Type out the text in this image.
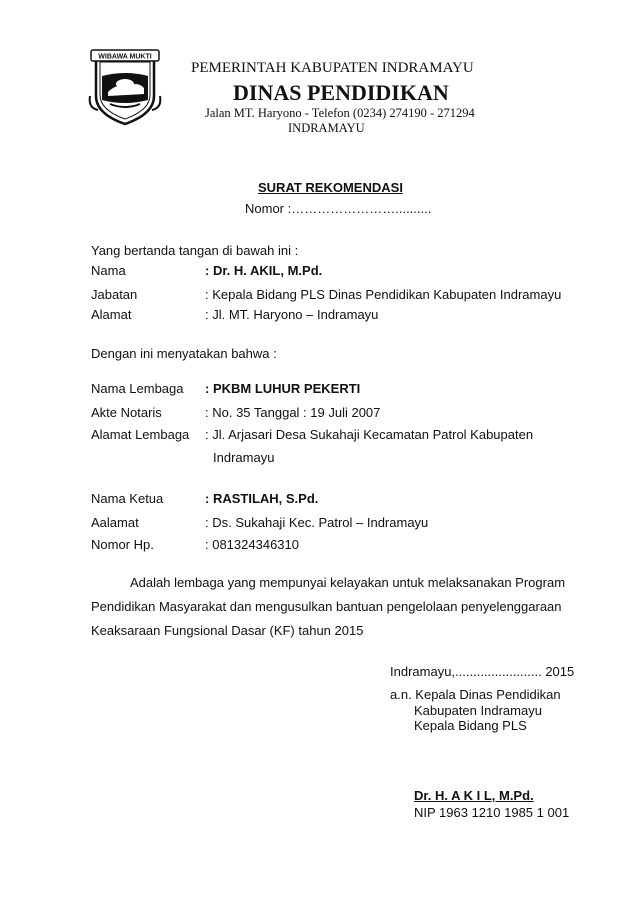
WIBAWA MUKTI
PEMERINTAH KABUPATEN INDRAMAYU
DINAS PENDIDIKAN
Jalan MT. Haryono - Telefon (0234) 274190 - 271294
INDRAMAYU
SURAT REKOMENDASI
Nomor :……………………..........
Yang bertanda tangan di bawah ini :
Nama	: Dr. H. AKIL, M.Pd.
Jabatan	: Kepala Bidang PLS Dinas Pendidikan Kabupaten Indramayu
Alamat	: Jl. MT. Haryono – Indramayu
Dengan ini menyatakan bahwa :
Nama Lembaga : PKBM LUHUR PEKERTI
Akte Notaris	: No. 35 Tanggal : 19 Juli 2007
Alamat Lembaga : Jl. Arjasari Desa Sukahaji Kecamatan Patrol Kabupaten
Indramayu
Nama Ketua	: RASTILAH, S.Pd.
Aalamat	: Ds. Sukahaji Kec. Patrol – Indramayu
Nomor Hp.	: 081324346310
Adalah lembaga yang mempunyai kelayakan untuk melaksanakan Program
Pendidikan Masyarakat dan mengusulkan bantuan pengelolaan penyelenggaraan
Keaksaraan Fungsional Dasar (KF) tahun 2015
Indramayu,........................ 2015
a.n. Kepala Dinas Pendidikan
Kabupaten Indramayu
Kepala Bidang PLS
Dr. H. A K I L, M.Pd.
NIP 1963 1210 1985 1 001
